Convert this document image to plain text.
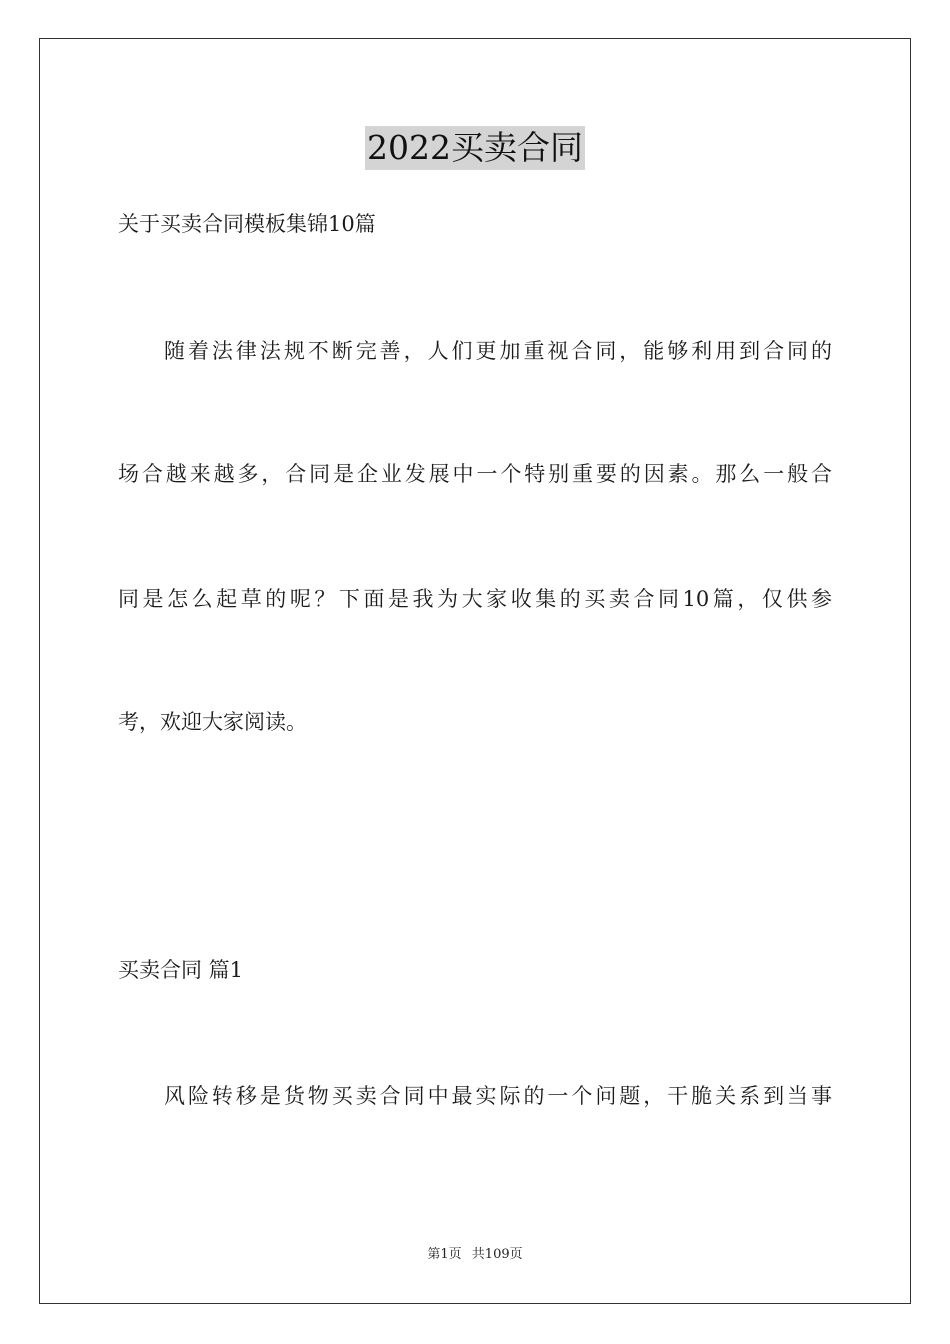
2022买卖合同
关于买卖合同模板集锦10篇
随着法律法规不断完善，人们更加重视合同，能够利用到合同的
场合越来越多，合同是企业发展中一个特别重要的因素。那么一般合
同是怎么起草的呢？下面是我为大家收集的买卖合同10篇，仅供参
考，欢迎大家阅读。
买卖合同 篇1
风险转移是货物买卖合同中最实际的一个问题，干脆关系到当事
第1页 共109页
